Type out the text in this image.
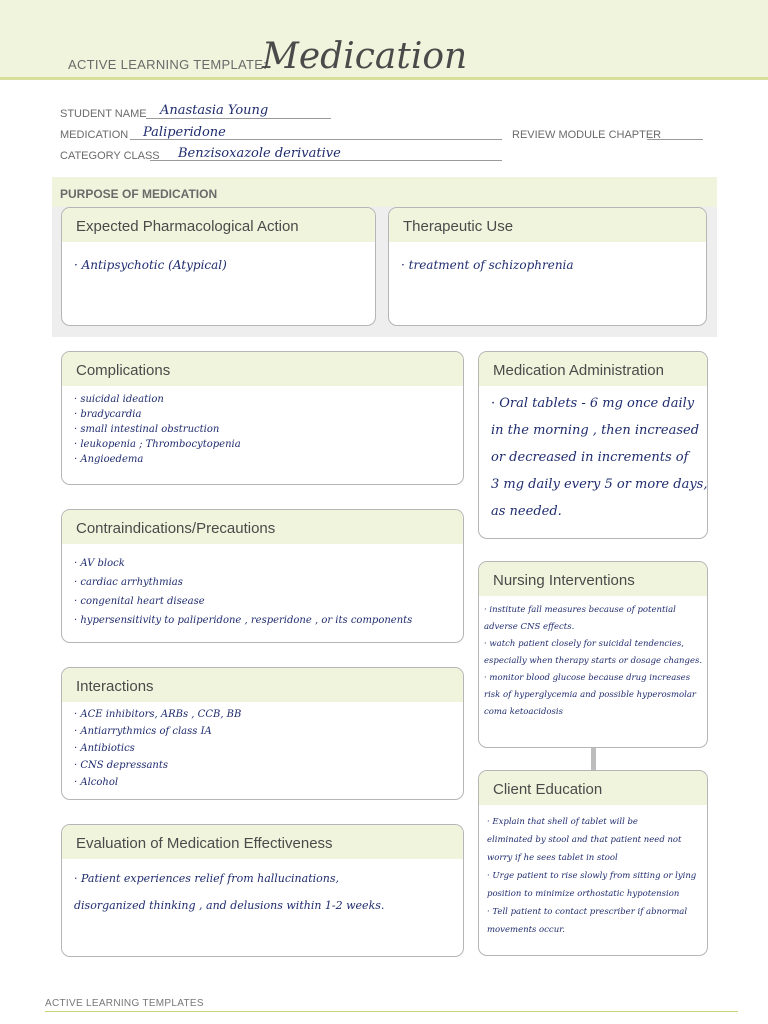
ACTIVE LEARNING TEMPLATE:
Medication
STUDENT NAME Anastasia Young
MEDICATION Paliperidone	REVIEW MODULE CHAPTER
CATEGORY CLASS Benzisoxazole derivative
PURPOSE OF MEDICATION
Expected Pharmacological Action
· Antipsychotic (Atypical)
Therapeutic Use
· treatment of schizophrenia
Complications
· suicidal ideation
· bradycardia
· small intestinal obstruction
· leukopenia ; Thrombocytopenia
· Angioedema
Medication Administration
· Oral tablets - 6 mg once daily
in the morning , then increased
or decreased in increments of
3 mg daily every 5 or more days,
as needed.
Contraindications/Precautions
· AV block
· cardiac arrhythmias
· congenital heart disease
· hypersensitivity to paliperidone , resperidone , or its components
Nursing Interventions
· institute fall measures because of potential
adverse CNS effects.
· watch patient closely for suicidal tendencies,
especially when therapy starts or dosage changes.
· monitor blood glucose because drug increases
risk of hyperglycemia and possible hyperosmolar
coma ketoacidosis
Interactions
· ACE inhibitors, ARBs , CCB, BB
· Antiarrythmics of class IA
· Antibiotics
· CNS depressants
· Alcohol	Client Education
· Explain that shell of tablet will be
eliminated by stool and that patient need not
worry if he sees tablet in stool
· Urge patient to rise slowly from sitting or lying
position to minimize orthostatic hypotension
· Tell patient to contact prescriber if abnormal
movements occur.
Evaluation of Medication Effectiveness
· Patient experiences relief from hallucinations,
disorganized thinking , and delusions within 1-2 weeks.
ACTIVE LEARNING TEMPLATES
